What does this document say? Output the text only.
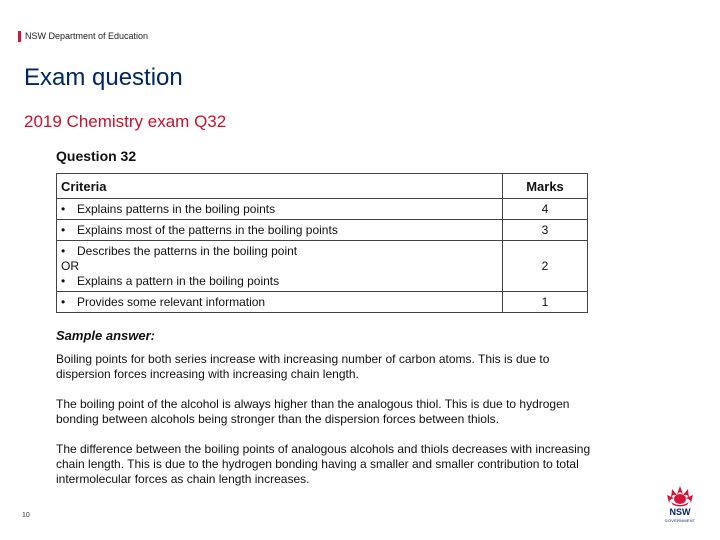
NSW Department of Education
Exam question
2019 Chemistry exam Q32
Question 32
Criteria	Marks

• Explains patterns in the boiling points	4

• Explains most of the patterns in the boiling points	3

• Describes the patterns in the boiling point
OR
• Explains a pattern in the boiling points	2

• Provides some relevant information	1
Sample answer:

Boiling points for both series increase with increasing number of carbon atoms. This is due to dispersion forces increasing with increasing chain length.

The boiling point of the alcohol is always higher than the analogous thiol. This is due to hydrogen bonding between alcohols being stronger than the dispersion forces between thiols.

The difference between the boiling points of analogous alcohols and thiols decreases with increasing chain length. This is due to the hydrogen bonding having a smaller and smaller contribution to total intermolecular forces as chain length increases.

10	NSW
GOVERNMENT
